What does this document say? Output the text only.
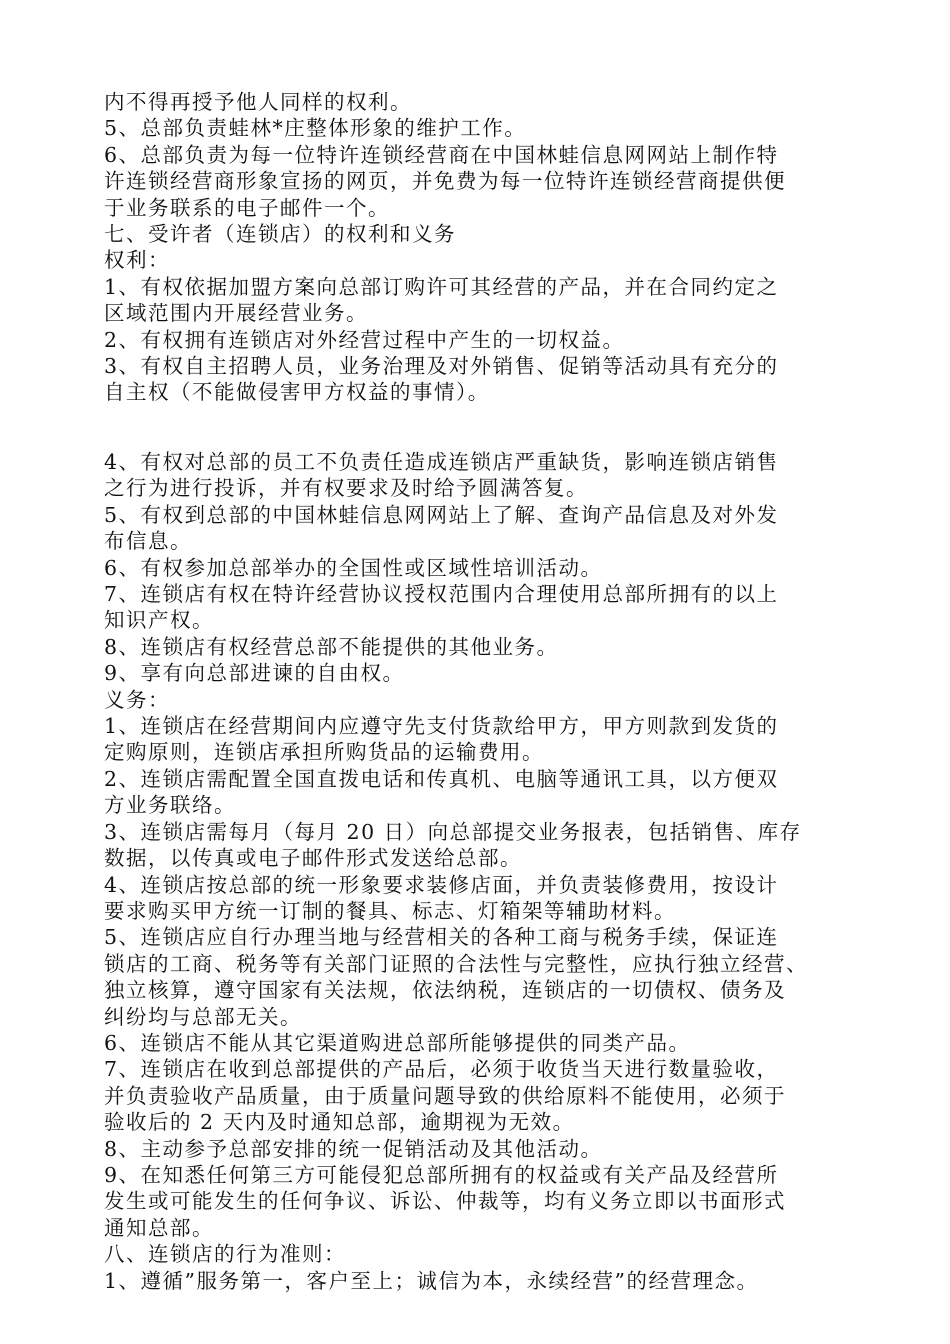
内不得再授予他人同样的权利。
5、总部负责蛙林*庄整体形象的维护工作。
6、总部负责为每一位特许连锁经营商在中国林蛙信息网网站上制作特
许连锁经营商形象宣扬的网页，并免费为每一位特许连锁经营商提供便
于业务联系的电子邮件一个。
七、受许者（连锁店）的权利和义务
权利：
1、有权依据加盟方案向总部订购许可其经营的产品，并在合同约定之
区域范围内开展经营业务。
2、有权拥有连锁店对外经营过程中产生的一切权益。
3、有权自主招聘人员，业务治理及对外销售、促销等活动具有充分的
自主权（不能做侵害甲方权益的事情）。
4、有权对总部的员工不负责任造成连锁店严重缺货，影响连锁店销售
之行为进行投诉，并有权要求及时给予圆满答复。
5、有权到总部的中国林蛙信息网网站上了解、查询产品信息及对外发
布信息。
6、有权参加总部举办的全国性或区域性培训活动。
7、连锁店有权在特许经营协议授权范围内合理使用总部所拥有的以上
知识产权。
8、连锁店有权经营总部不能提供的其他业务。
9、享有向总部进谏的自由权。
义务：
1、连锁店在经营期间内应遵守先支付货款给甲方，甲方则款到发货的
定购原则，连锁店承担所购货品的运输费用。
2、连锁店需配置全国直拨电话和传真机、电脑等通讯工具，以方便双
方业务联络。
3、连锁店需每月（每月 20 日）向总部提交业务报表，包括销售、库存
数据，以传真或电子邮件形式发送给总部。
4、连锁店按总部的统一形象要求装修店面，并负责装修费用，按设计
要求购买甲方统一订制的餐具、标志、灯箱架等辅助材料。
5、连锁店应自行办理当地与经营相关的各种工商与税务手续，保证连
锁店的工商、税务等有关部门证照的合法性与完整性，应执行独立经营、
独立核算，遵守国家有关法规，依法纳税，连锁店的一切债权、债务及
纠纷均与总部无关。
6、连锁店不能从其它渠道购进总部所能够提供的同类产品。
7、连锁店在收到总部提供的产品后，必须于收货当天进行数量验收，
并负责验收产品质量，由于质量问题导致的供给原料不能使用，必须于
验收后的 2 天内及时通知总部，逾期视为无效。
8、主动参予总部安排的统一促销活动及其他活动。
9、在知悉任何第三方可能侵犯总部所拥有的权益或有关产品及经营所
发生或可能发生的任何争议、诉讼、仲裁等，均有义务立即以书面形式
通知总部。
八、连锁店的行为准则：
1、遵循”服务第一，客户至上；诚信为本，永续经营”的经营理念。
